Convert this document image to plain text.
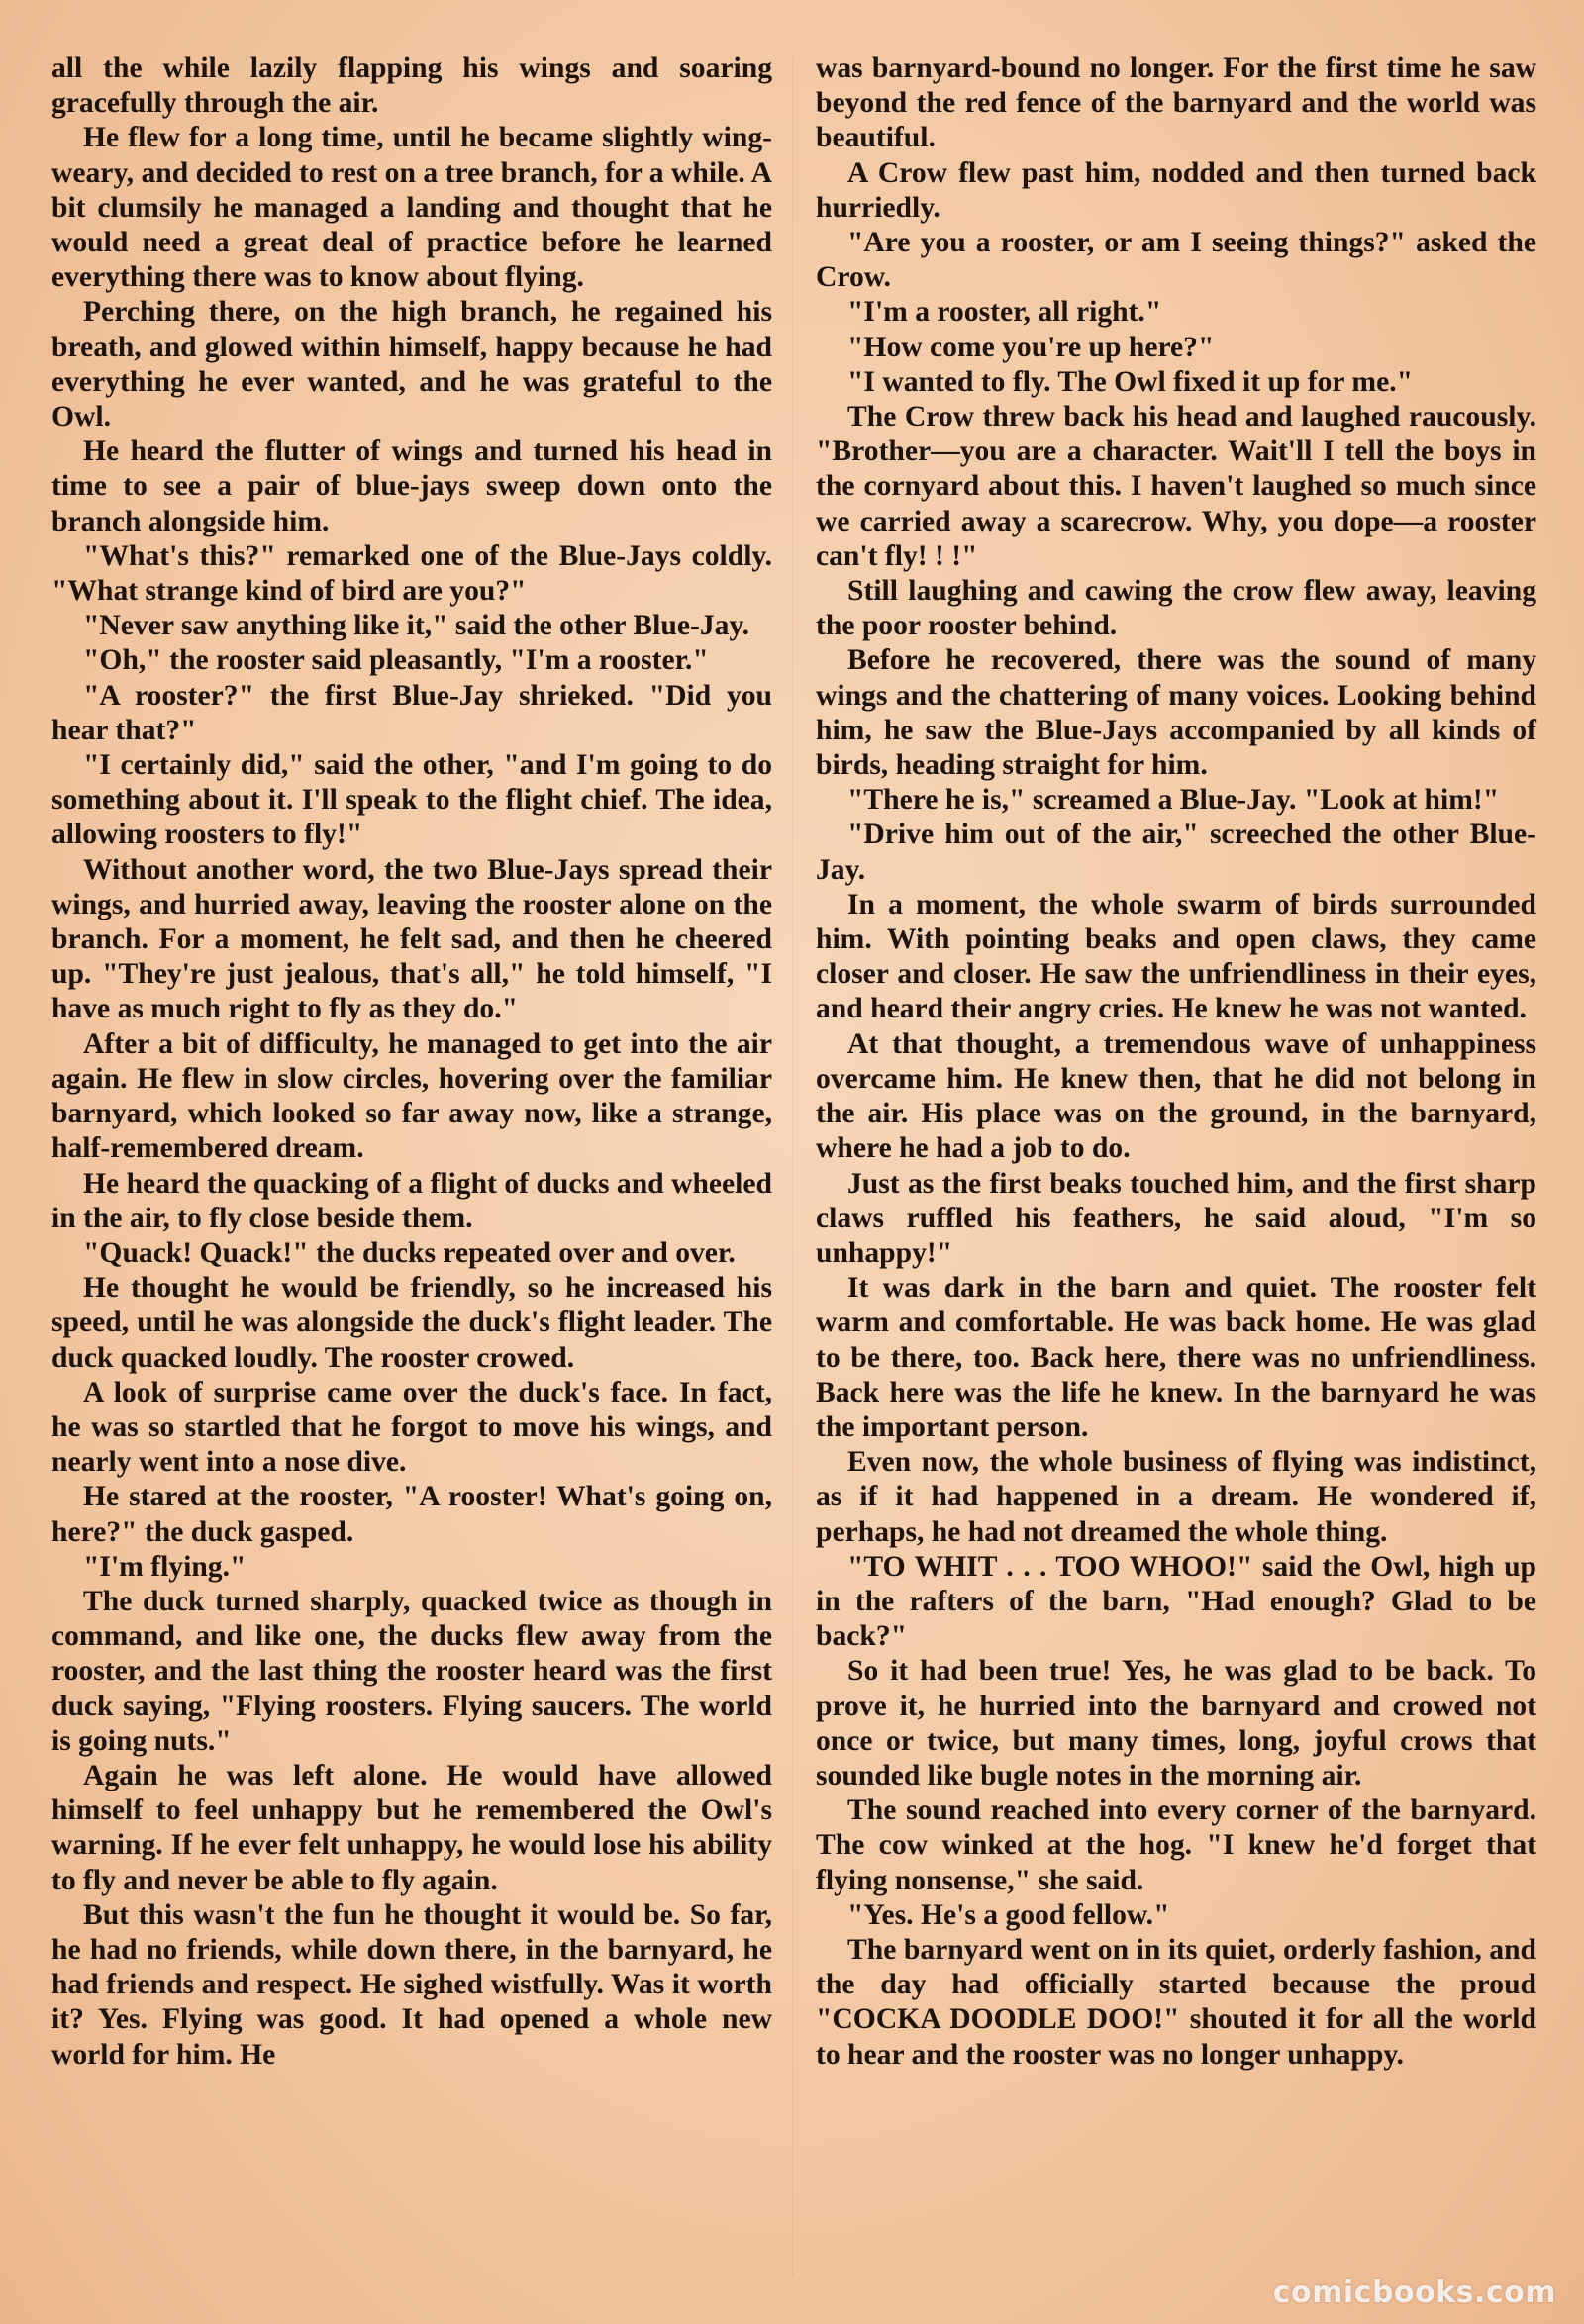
all the while lazily flapping his wings and soaring gracefully through the air.

He flew for a long time, until he became slightly wing-weary, and decided to rest on a tree branch, for a while. A bit clumsily he managed a landing and thought that he would need a great deal of practice before he learned everything there was to know about flying.

Perching there, on the high branch, he regained his breath, and glowed within himself, happy because he had everything he ever wanted, and he was grateful to the Owl.

He heard the flutter of wings and turned his head in time to see a pair of blue-jays sweep down onto the branch alongside him.

"What's this?" remarked one of the Blue-Jays coldly. "What strange kind of bird are you?"

"Never saw anything like it," said the other Blue-Jay.

"Oh," the rooster said pleasantly, "I'm a rooster."

"A rooster?" the first Blue-Jay shrieked. "Did you hear that?"

"I certainly did," said the other, "and I'm going to do something about it. I'll speak to the flight chief. The idea, allowing roosters to fly!"

Without another word, the two Blue-Jays spread their wings, and hurried away, leaving the rooster alone on the branch. For a moment, he felt sad, and then he cheered up. "They're just jealous, that's all," he told himself, "I have as much right to fly as they do."

After a bit of difficulty, he managed to get into the air again. He flew in slow circles, hovering over the familiar barnyard, which looked so far away now, like a strange, half-remembered dream.

He heard the quacking of a flight of ducks and wheeled in the air, to fly close beside them.

"Quack! Quack!" the ducks repeated over and over.

He thought he would be friendly, so he increased his speed, until he was alongside the duck's flight leader. The duck quacked loudly. The rooster crowed.

A look of surprise came over the duck's face. In fact, he was so startled that he forgot to move his wings, and nearly went into a nose dive.

He stared at the rooster, "A rooster! What's going on, here?" the duck gasped.

"I'm flying."

The duck turned sharply, quacked twice as though in command, and like one, the ducks flew away from the rooster, and the last thing the rooster heard was the first duck saying, "Flying roosters. Flying saucers. The world is going nuts."

Again he was left alone. He would have allowed himself to feel unhappy but he remembered the Owl's warning. If he ever felt unhappy, he would lose his ability to fly and never be able to fly again.

But this wasn't the fun he thought it would be. So far, he had no friends, while down there, in the barnyard, he had friends and respect. He sighed wistfully. Was it worth it? Yes. Flying was good. It had opened a whole new world for him. He

was barnyard-bound no longer. For the first time he saw beyond the red fence of the barnyard and the world was beautiful.

A Crow flew past him, nodded and then turned back hurriedly.

"Are you a rooster, or am I seeing things?" asked the Crow.

"I'm a rooster, all right."

"How come you're up here?"

"I wanted to fly. The Owl fixed it up for me."

The Crow threw back his head and laughed raucously. "Brother—you are a character. Wait'll I tell the boys in the cornyard about this. I haven't laughed so much since we carried away a scarecrow. Why, you dope—a rooster can't fly! ! !"

Still laughing and cawing the crow flew away, leaving the poor rooster behind.

Before he recovered, there was the sound of many wings and the chattering of many voices. Looking behind him, he saw the Blue-Jays accompanied by all kinds of birds, heading straight for him.

"There he is," screamed a Blue-Jay. "Look at him!"

"Drive him out of the air," screeched the other Blue-Jay.

In a moment, the whole swarm of birds surrounded him. With pointing beaks and open claws, they came closer and closer. He saw the unfriendliness in their eyes, and heard their angry cries. He knew he was not wanted.

At that thought, a tremendous wave of unhappiness overcame him. He knew then, that he did not belong in the air. His place was on the ground, in the barnyard, where he had a job to do.

Just as the first beaks touched him, and the first sharp claws ruffled his feathers, he said aloud, "I'm so unhappy!"

It was dark in the barn and quiet. The rooster felt warm and comfortable. He was back home. He was glad to be there, too. Back here, there was no unfriendliness. Back here was the life he knew. In the barnyard he was the important person.

Even now, the whole business of flying was indistinct, as if it had happened in a dream. He wondered if, perhaps, he had not dreamed the whole thing.

"TO WHIT . . . TOO WHOO!" said the Owl, high up in the rafters of the barn, "Had enough? Glad to be back?"

So it had been true! Yes, he was glad to be back. To prove it, he hurried into the barnyard and crowed not once or twice, but many times, long, joyful crows that sounded like bugle notes in the morning air.

The sound reached into every corner of the barnyard. The cow winked at the hog. "I knew he'd forget that flying nonsense," she said.

"Yes. He's a good fellow."

The barnyard went on in its quiet, orderly fashion, and the day had officially started because the proud "COCKA DOODLE DOO!" shouted it for all the world to hear and the rooster was no longer unhappy.

comicbooks.com
